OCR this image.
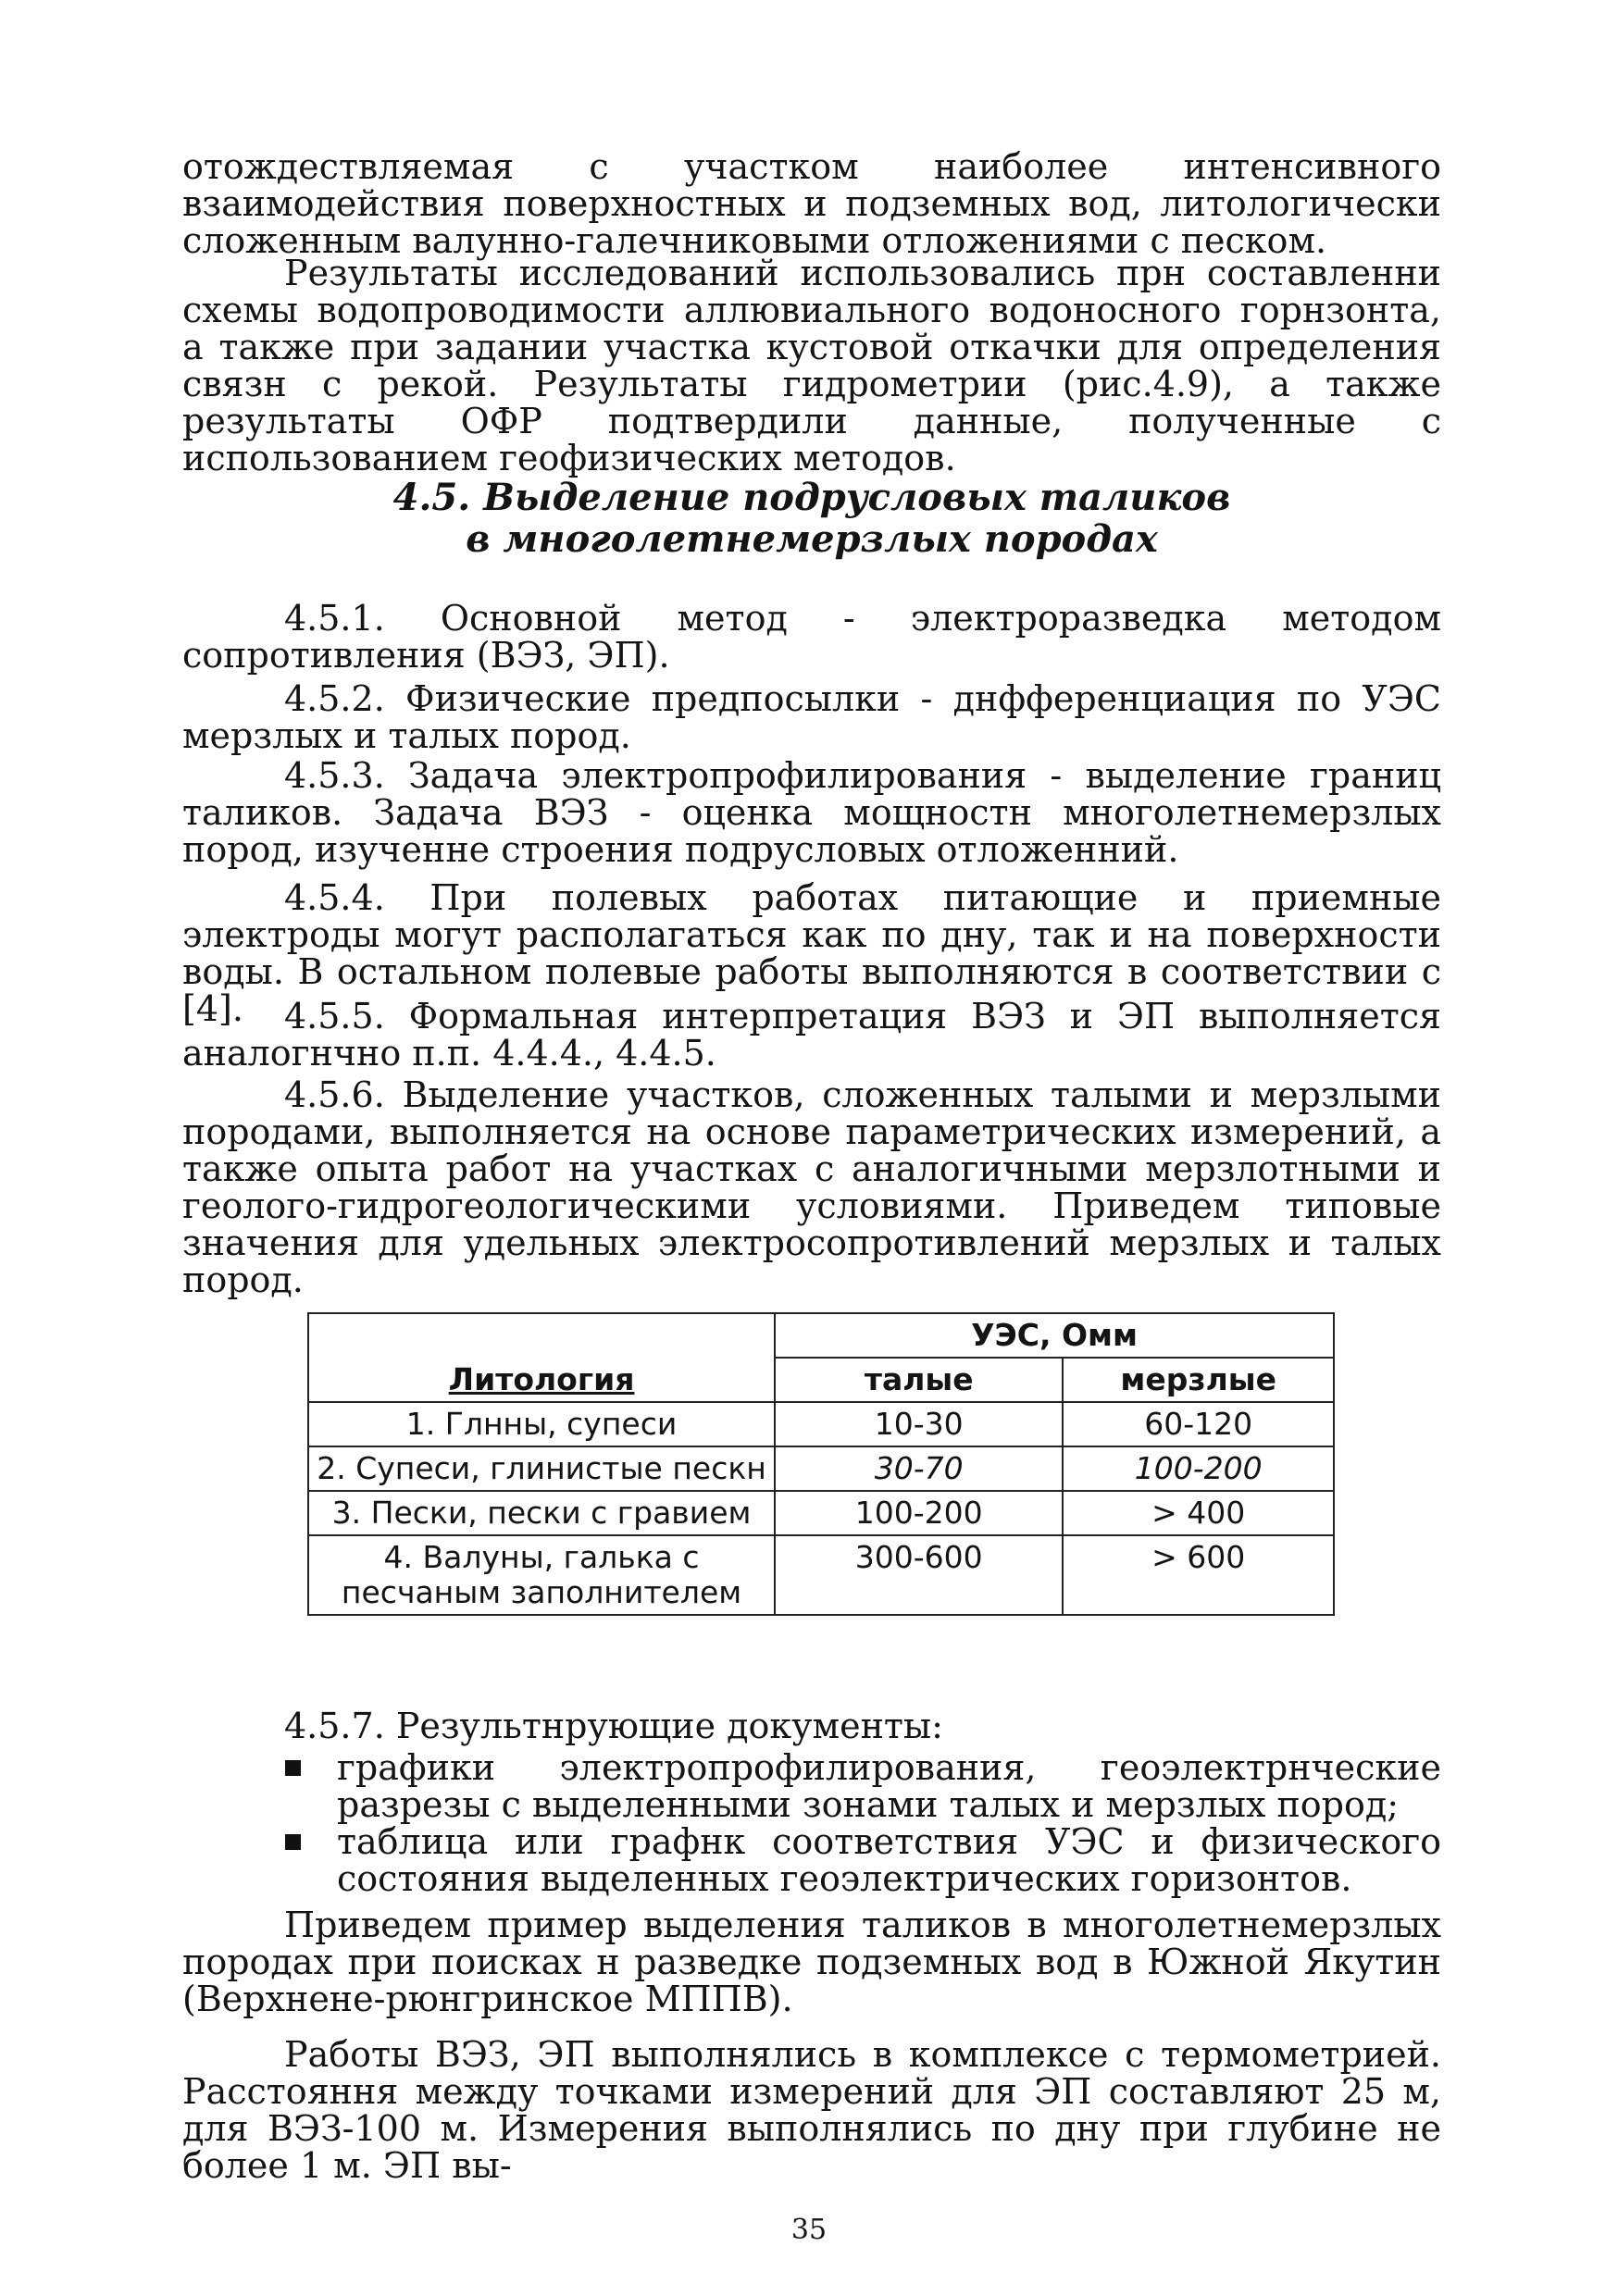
отождествляемая с участком наиболее интенсивного взаимодействия поверхностных и подземных вод, литологически сложенным валунно-галечниковыми отложениями с песком.

Результаты исследований использовались прн составленни схемы водопроводимости аллювиального водоносного горнзонта, а также при задании участка кустовой откачки для определения связн с рекой. Результаты гидрометрии (рис.4.9), а также результаты ОФР подтвердили данные, полученные с использованием геофизических методов.

4.5. Выделение подрусловых таликов
в многолетнемерзлых породах

4.5.1. Основной метод - электроразведка методом сопротивления (ВЭЗ, ЭП).

4.5.2. Физические предпосылки - днфференциация по УЭС мерзлых и талых пород.

4.5.3. Задача электропрофилирования - выделение границ таликов. Задача ВЭЗ - оценка мощностн многолетнемерзлых пород, изученне строения подрусловых отложенний.

4.5.4. При полевых работах питающие и приемные электроды могут располагаться как по дну, так и на поверхности воды. В остальном полевые работы выполняются в соответствии с [4].	4.5.5. Формальная интерпретация ВЭЗ и ЭП выполняется аналогнчно п.п. 4.4.4., 4.4.5.

4.5.6. Выделение участков, сложенных талыми и мерзлыми породами, выполняется на основе параметрических измерений, а также опыта работ на участках с аналогичными мерзлотными и геолого-гидрогеологическими условиями. Приведем типовые значения для удельных электросопротивлений мерзлых и талых пород.

Литология	УЭС, Омм	
	талые	мерзлые
1. Глнны, супеси	10-30	60-120
2. Супеси, глинистые пескн	30-70	100-200
3. Пески, пески с гравием	100-200	> 400
4. Валуны, галька с песчаным заполнителем	300-600	> 600

4.5.7. Результнрующие документы:

графики электропрофилирования, геоэлектрнческие разрезы с выделенными зонами талых и мерзлых пород;
таблица или графнк соответствия УЭС и физического состояния выделенных геоэлектрических горизонтов.

Приведем пример выделения таликов в многолетнемерзлых породах при поисках н разведке подземных вод в Южной Якутин (Верхнене-рюнгринское МППВ).

Работы ВЭЗ, ЭП выполнялись в комплексе с термометрией. Расстояння между точками измерений для ЭП составляют 25 м, для ВЭЗ-100 м. Измерения выполнялись по дну при глубине не более 1 м. ЭП вы-

35
